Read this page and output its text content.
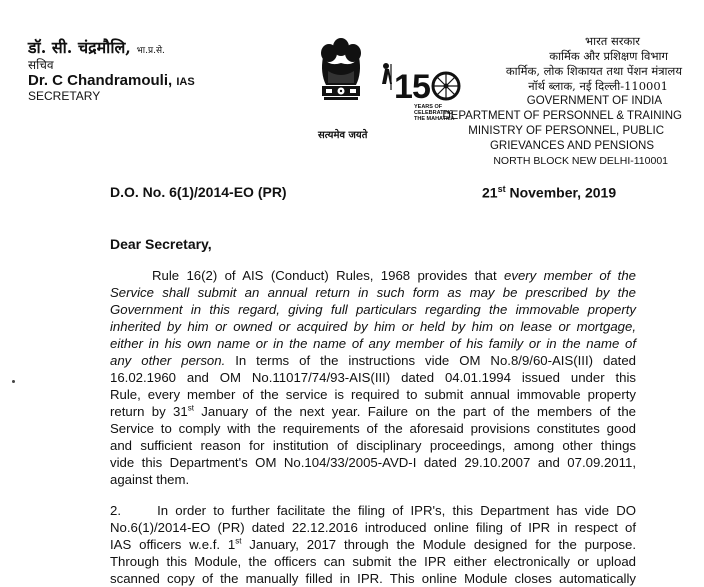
डॉ. सी. चंद्रमौलि, भा.प्र.से.
सचिव
Dr. C Chandramouli, IAS
SECRETARY
सत्यमेव जयते
1 5
YEARS OF
CELEBRATING
THE MAHATMA
भारत सरकार
कार्मिक और प्रशिक्षण विभाग
कार्मिक, लोक शिकायत तथा पेंशन मंत्रालय
नॉर्थ ब्लाक, नई दिल्ली-110001
GOVERNMENT OF INDIA
DEPARTMENT OF PERSONNEL & TRAINING
MINISTRY OF PERSONNEL, PUBLIC
GRIEVANCES AND PENSIONS
NORTH BLOCK NEW DELHI-110001
D.O. No. 6(1)/2014-EO (PR)	21st November, 2019
Dear Secretary,
Rule 16(2) of AIS (Conduct) Rules, 1968 provides that every member of the
Service shall submit an annual return in such form as may be prescribed by the
Government in this regard, giving full particulars regarding the immovable property
inherited by him or owned or acquired by him or held by him on lease or mortgage,
either in his own name or in the name of any member of his family or in the name of
any other person. In terms of the instructions vide OM No.8/9/60-AIS(III) dated
16.02.1960 and OM No.11017/74/93-AIS(III) dated 04.01.1994 issued under this
Rule, every member of the service is required to submit annual immovable property
return by 31st January of the next year. Failure on the part of the members of the
Service to comply with the requirements of the aforesaid provisions constitutes good
and sufficient reason for institution of disciplinary proceedings, among other things
vide this Department's OM No.104/33/2005-AVD-I dated 29.10.2007 and 07.09.2011,
against them.
2.     In order to further facilitate the filing of IPR's, this Department has vide DO
No.6(1)/2014-EO (PR) dated 22.12.2016 introduced online filing of IPR in respect of
IAS officers w.e.f. 1st January, 2017 through the Module designed for the purpose.
Through this Module, the officers can submit the IPR either electronically or upload
scanned copy of the manually filled in IPR. This online Module closes automatically
